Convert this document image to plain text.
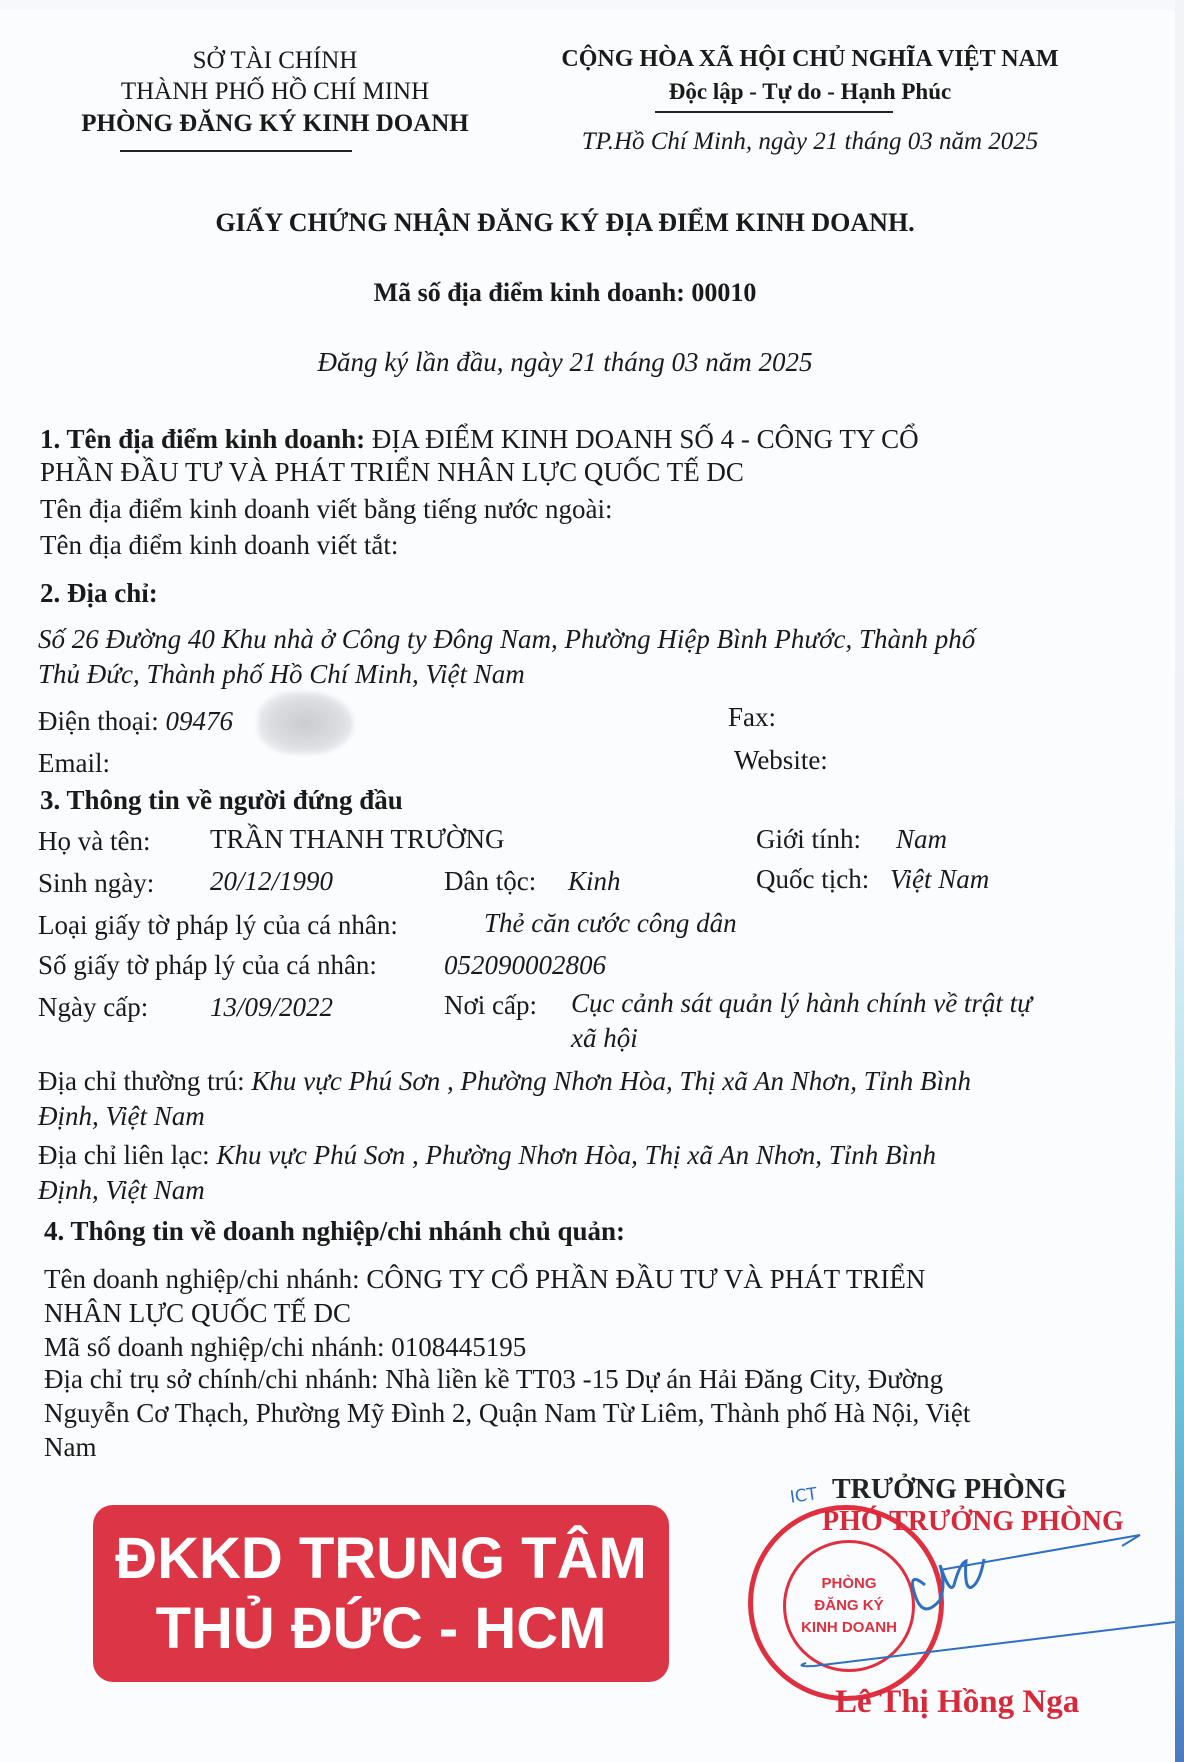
SỞ TÀI CHÍNH
THÀNH PHỐ HỒ CHÍ MINH
PHÒNG ĐĂNG KÝ KINH DOANH
CỘNG HÒA XÃ HỘI CHỦ NGHĨA VIỆT NAM
Độc lập - Tự do - Hạnh Phúc
TP.Hồ Chí Minh, ngày 21 tháng 03 năm 2025
GIẤY CHỨNG NHẬN ĐĂNG KÝ ĐỊA ĐIỂM KINH DOANH.
Mã số địa điểm kinh doanh: 00010
Đăng ký lần đầu, ngày 21 tháng 03 năm 2025
1. Tên địa điểm kinh doanh: ĐỊA ĐIỂM KINH DOANH SỐ 4 - CÔNG TY CỔ
PHẦN ĐẦU TƯ VÀ PHÁT TRIỂN NHÂN LỰC QUỐC TẾ DC
Tên địa điểm kinh doanh viết bằng tiếng nước ngoài:
Tên địa điểm kinh doanh viết tắt:
2. Địa chỉ:
Số 26 Đường 40 Khu nhà ở Công ty Đông Nam, Phường Hiệp Bình Phước, Thành phố
Thủ Đức, Thành phố Hồ Chí Minh, Việt Nam
Điện thoại: 09476	Fax:
Email:	Website:
3. Thông tin về người đứng đầu
Họ và tên: TRẦN THANH TRƯỜNG	Giới tính: Nam
Sinh ngày: 20/12/1990	Dân tộc: Kinh	Quốc tịch: Việt Nam
Loại giấy tờ pháp lý của cá nhân:	Thẻ căn cước công dân
Số giấy tờ pháp lý của cá nhân: 052090002806
Ngày cấp: 13/09/2022	Nơi cấp: Cục cảnh sát quản lý hành chính về trật tự
xã hội
Địa chỉ thường trú: Khu vực Phú Sơn , Phường Nhơn Hòa, Thị xã An Nhơn, Tỉnh Bình
Định, Việt Nam
Địa chỉ liên lạc: Khu vực Phú Sơn , Phường Nhơn Hòa, Thị xã An Nhơn, Tỉnh Bình
Định, Việt Nam
4. Thông tin về doanh nghiệp/chi nhánh chủ quản:
Tên doanh nghiệp/chi nhánh: CÔNG TY CỔ PHẦN ĐẦU TƯ VÀ PHÁT TRIỂN
NHÂN LỰC QUỐC TẾ DC
Mã số doanh nghiệp/chi nhánh: 0108445195
Địa chỉ trụ sở chính/chi nhánh: Nhà liền kề TT03 -15 Dự án Hải Đăng City, Đường
Nguyễn Cơ Thạch, Phường Mỹ Đình 2, Quận Nam Từ Liêm, Thành phố Hà Nội, Việt
Nam
ĐKKD TRUNG TÂM
THỦ ĐỨC - HCM
ICT TRƯỞNG PHÒNG
PHÒNG
ĐĂNG KÝ
KINH DOANH
PHÓ TRƯỞNG PHÒNG
Lê Thị Hồng Nga
